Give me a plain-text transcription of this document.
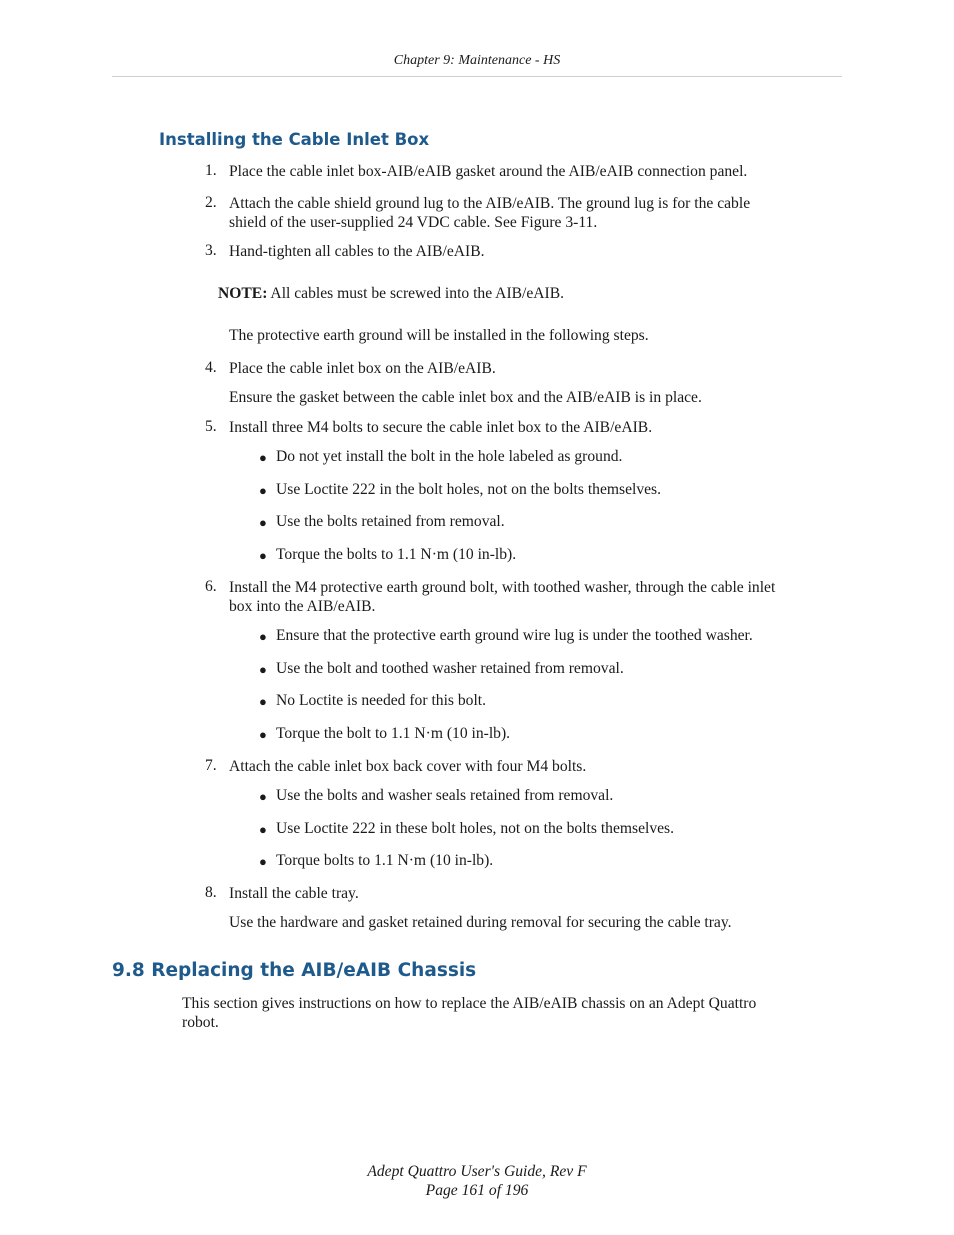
Chapter 9: Maintenance - HS
Installing the Cable Inlet Box
1. Place the cable inlet box-AIB/eAIB gasket around the AIB/eAIB connection panel.
2. Attach the cable shield ground lug to the AIB/eAIB. The ground lug is for the cable
shield of the user-supplied 24 VDC cable. See Figure 3-11.
3. Hand-tighten all cables to the AIB/eAIB.
NOTE: All cables must be screwed into the AIB/eAIB.
The protective earth ground will be installed in the following steps.
4. Place the cable inlet box on the AIB/eAIB.
Ensure the gasket between the cable inlet box and the AIB/eAIB is in place.
5. Install three M4 bolts to secure the cable inlet box to the AIB/eAIB.
● Do not yet install the bolt in the hole labeled as ground.
● Use Loctite 222 in the bolt holes, not on the bolts themselves.
● Use the bolts retained from removal.
● Torque the bolts to 1.1 N·m (10 in-lb).
6. Install the M4 protective earth ground bolt, with toothed washer, through the cable inlet
box into the AIB/eAIB.
● Ensure that the protective earth ground wire lug is under the toothed washer.
● Use the bolt and toothed washer retained from removal.
● No Loctite is needed for this bolt.
● Torque the bolt to 1.1 N·m (10 in-lb).
7. Attach the cable inlet box back cover with four M4 bolts.
● Use the bolts and washer seals retained from removal.
● Use Loctite 222 in these bolt holes, not on the bolts themselves.
● Torque bolts to 1.1 N·m (10 in-lb).
8. Install the cable tray.
Use the hardware and gasket retained during removal for securing the cable tray.
9.8 Replacing the AIB/eAIB Chassis
This section gives instructions on how to replace the AIB/eAIB chassis on an Adept Quattro
robot.
Adept Quattro User's Guide, Rev F
Page 161 of 196
